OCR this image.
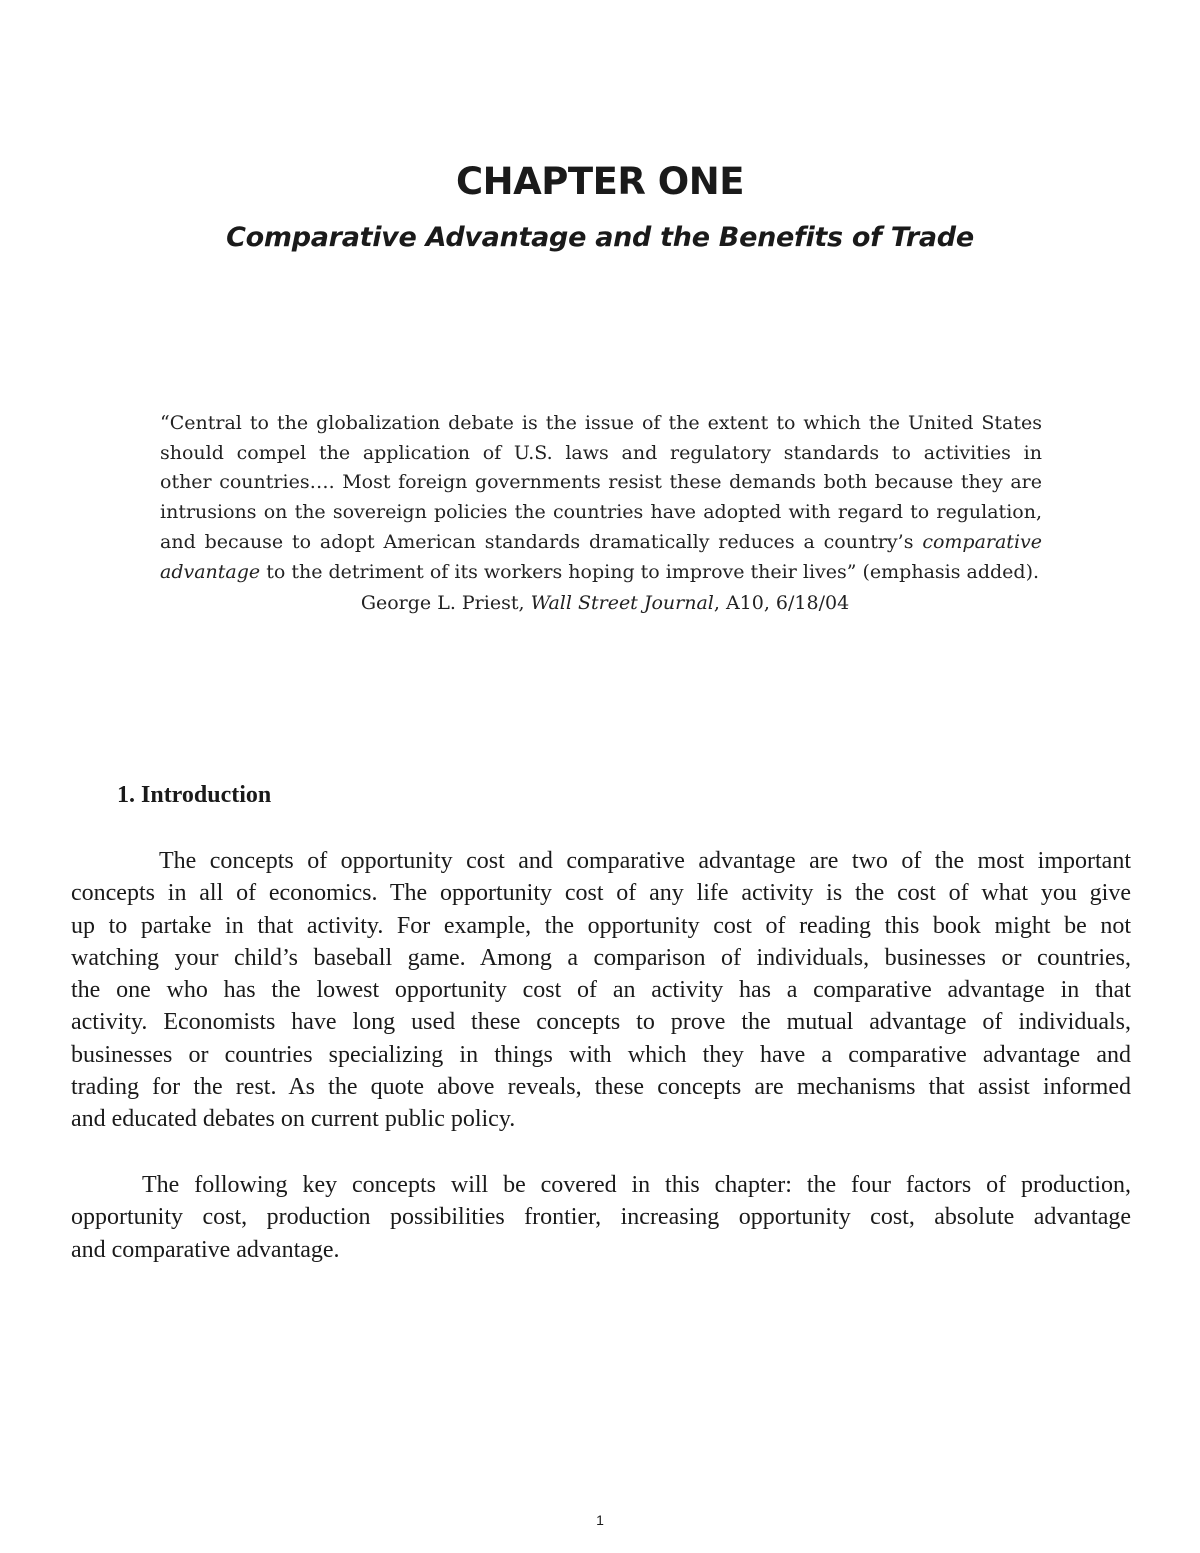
CHAPTER ONE
Comparative Advantage and the Benefits of Trade
“Central to the globalization debate is the issue of the extent to which the United States
should compel the application of U.S. laws and regulatory standards to activities in
other countries…. Most foreign governments resist these demands both because they are
intrusions on the sovereign policies the countries have adopted with regard to regulation,
and because to adopt American standards dramatically reduces a country’s comparative
advantage to the detriment of its workers hoping to improve their lives” (emphasis added).

George L. Priest, Wall Street Journal, A10, 6/18/04

1. Introduction
The concepts of opportunity cost and comparative advantage are two of the most important
concepts in all of economics. The opportunity cost of any life activity is the cost of what you give
up to partake in that activity. For example, the opportunity cost of reading this book might be not
watching your child’s baseball game. Among a comparison of individuals, businesses or countries,
the one who has the lowest opportunity cost of an activity has a comparative advantage in that
activity. Economists have long used these concepts to prove the mutual advantage of individuals,
businesses or countries specializing in things with which they have a comparative advantage and
trading for the rest. As the quote above reveals, these concepts are mechanisms that assist informed
and educated debates on current public policy.
The following key concepts will be covered in this chapter: the four factors of production,
opportunity cost, production possibilities frontier, increasing opportunity cost, absolute advantage
and comparative advantage.
1
